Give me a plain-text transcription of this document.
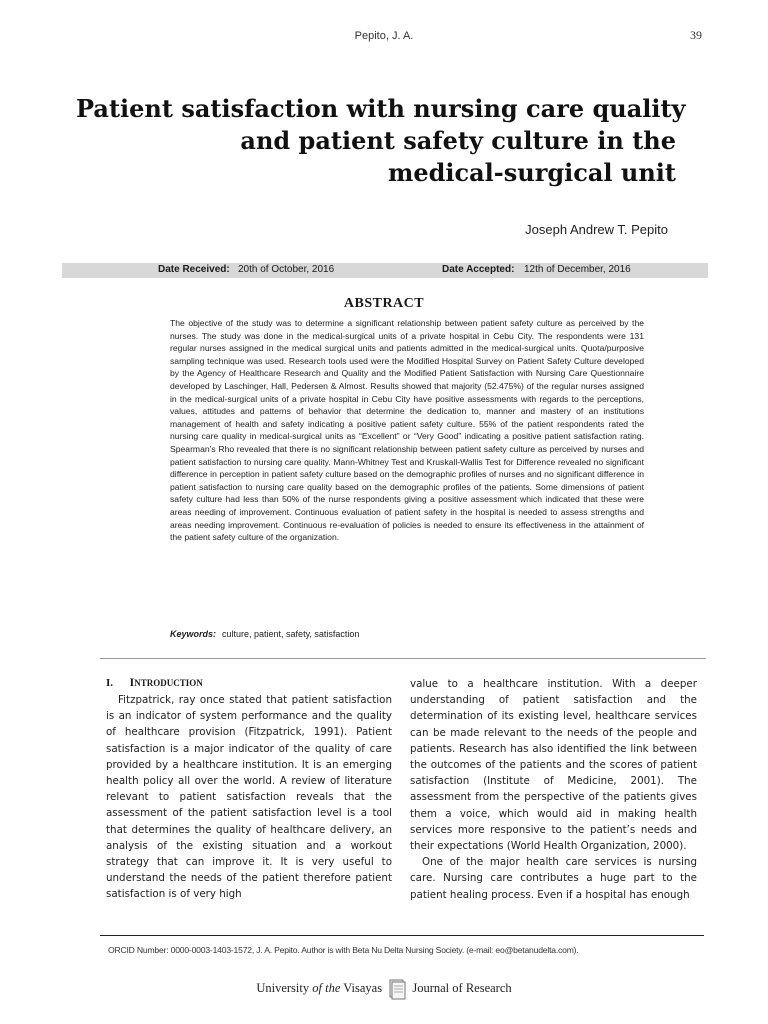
Pepito, J. A.	39
Patient satisfaction with nursing care quality
and patient safety culture in the
medical-surgical unit
Joseph Andrew T. Pepito
Date Received: 20th of October, 2016	Date Accepted: 12th of December, 2016
ABSTRACT
The objective of the study was to determine a significant relationship between patient safety culture as perceived by the nurses. The study was done in the medical-surgical units of a private hospital in Cebu City. The respondents were 131 regular nurses assigned in the medical surgical units and patients admitted in the medical-surgical units. Quota/purposive sampling technique was used. Research tools used were the Modified Hospital Survey on Patient Safety Culture developed by the Agency of Healthcare Research and Quality and the Modified Patient Satisfaction with Nursing Care Questionnaire developed by Laschinger, Hall, Pedersen & Almost. Results showed that majority (52.475%) of the regular nurses assigned in the medical-surgical units of a private hospital in Cebu City have positive assessments with regards to the perceptions, values, attitudes and patterns of behavior that determine the dedication to, manner and mastery of an institutions management of health and safety indicating a positive patient safety culture. 55% of the patient respondents rated the nursing care quality in medical-surgical units as “Excellent” or “Very Good” indicating a positive patient satisfaction rating. Spearman’s Rho revealed that there is no significant relationship between patient safety culture as perceived by nurses and patient satisfaction to nursing care quality. Mann-Whitney Test and Kruskall-Wallis Test for Difference revealed no significant difference in perception in patient safety culture based on the demographic profiles of nurses and no significant difference in patient satisfaction to nursing care quality based on the demographic profiles of the patients. Some dimensions of patient safety culture had less than 50% of the nurse respondents giving a positive assessment which indicated that these were areas needing of improvement. Continuous evaluation of patient safety in the hospital is needed to assess strengths and areas needing improvement. Continuous re-evaluation of policies is needed to ensure its effectiveness in the attainment of the patient safety culture of the organization.
Keywords: culture, patient, safety, satisfaction
I. INTRODUCTION

Fitzpatrick, ray once stated that patient satisfaction is an indicator of system performance and the quality of healthcare provision (Fitzpatrick, 1991). Patient satisfaction is a major indicator of the quality of care provided by a healthcare institution. It is an emerging health policy all over the world. A review of literature relevant to patient satisfaction reveals that the assessment of the patient satisfaction level is a tool that determines the quality of healthcare delivery, an analysis of the existing situation and a workout strategy that can improve it. It is very useful to understand the needs of the patient therefore patient satisfaction is of very high

value to a healthcare institution. With a deeper understanding of patient satisfaction and the determination of its existing level, healthcare services can be made relevant to the needs of the people and patients. Research has also identified the link between the outcomes of the patients and the scores of patient satisfaction (Institute of Medicine, 2001). The assessment from the perspective of the patients gives them a voice, which would aid in making health services more responsive to the patient’s needs and their expectations (World Health Organization, 2000).

One of the major health care services is nursing care. Nursing care contributes a huge part to the patient healing process. Even if a hospital has enough

ORCID Number: 0000-0003-1403-1572, J. A. Pepito. Author is with Beta Nu Delta Nursing Society. (e-mail: eo@betanudelta.com).
University of the Visayas Journal of Research
